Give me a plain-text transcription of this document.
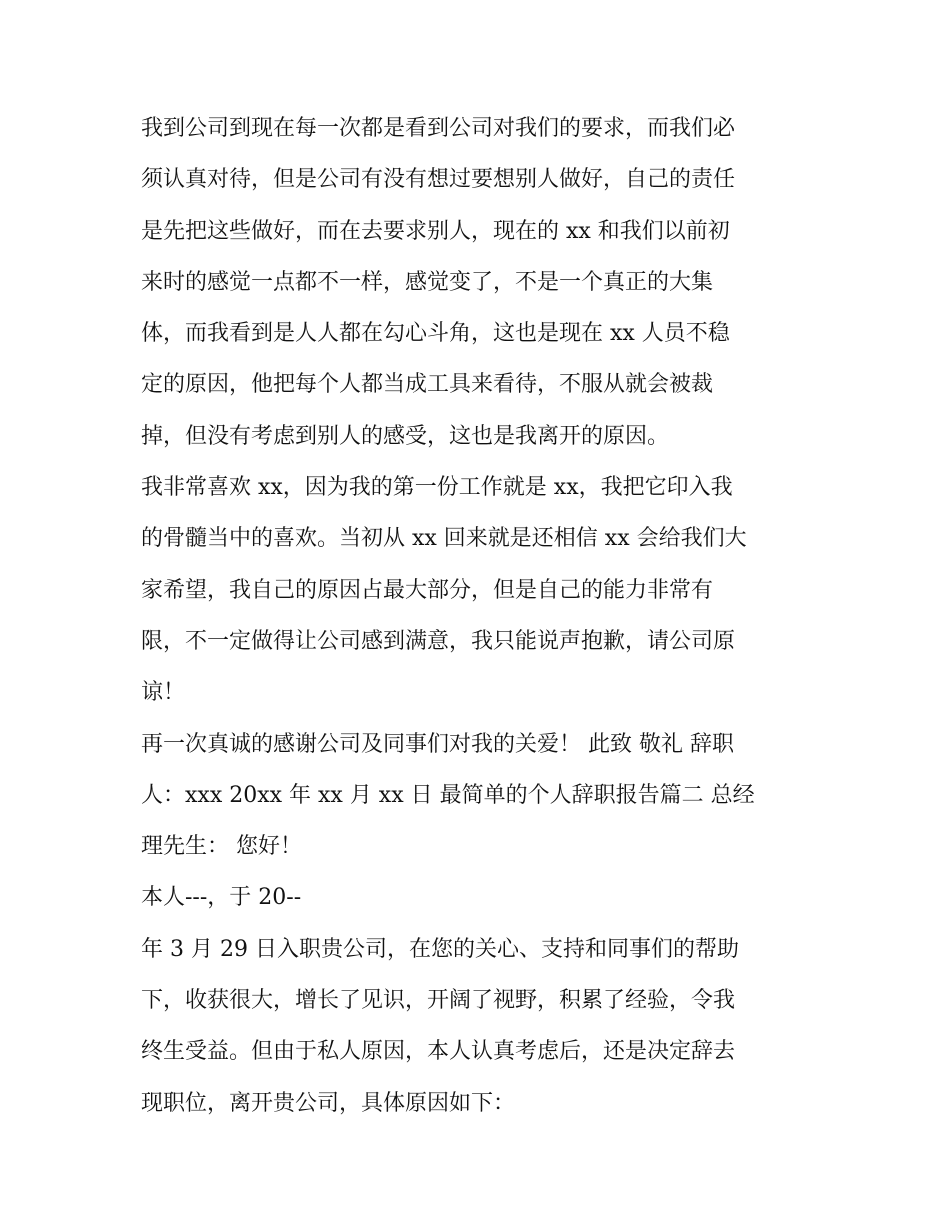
我到公司到现在每一次都是看到公司对我们的要求，而我们必
须认真对待，但是公司有没有想过要想别人做好，自己的责任
是先把这些做好，而在去要求别人，现在的 xx 和我们以前初
来时的感觉一点都不一样，感觉变了，不是一个真正的大集
体，而我看到是人人都在勾心斗角，这也是现在 xx 人员不稳
定的原因，他把每个人都当成工具来看待，不服从就会被裁
掉，但没有考虑到别人的感受，这也是我离开的原因。
我非常喜欢 xx，因为我的第一份工作就是 xx，我把它印入我
的骨髓当中的喜欢。当初从 xx 回来就是还相信 xx 会给我们大
家希望，我自己的原因占最大部分，但是自己的能力非常有
限，不一定做得让公司感到满意，我只能说声抱歉，请公司原
谅！
再一次真诚的感谢公司及同事们对我的关爱！ 此致 敬礼 辞职
人：xxx 20xx 年 xx 月 xx 日 最简单的个人辞职报告篇二 总经
理先生： 您好！
本人---，于 20--
年 3 月 29 日入职贵公司，在您的关心、支持和同事们的帮助
下，收获很大，增长了见识，开阔了视野，积累了经验，令我
终生受益。但由于私人原因，本人认真考虑后，还是决定辞去
现职位，离开贵公司，具体原因如下：
